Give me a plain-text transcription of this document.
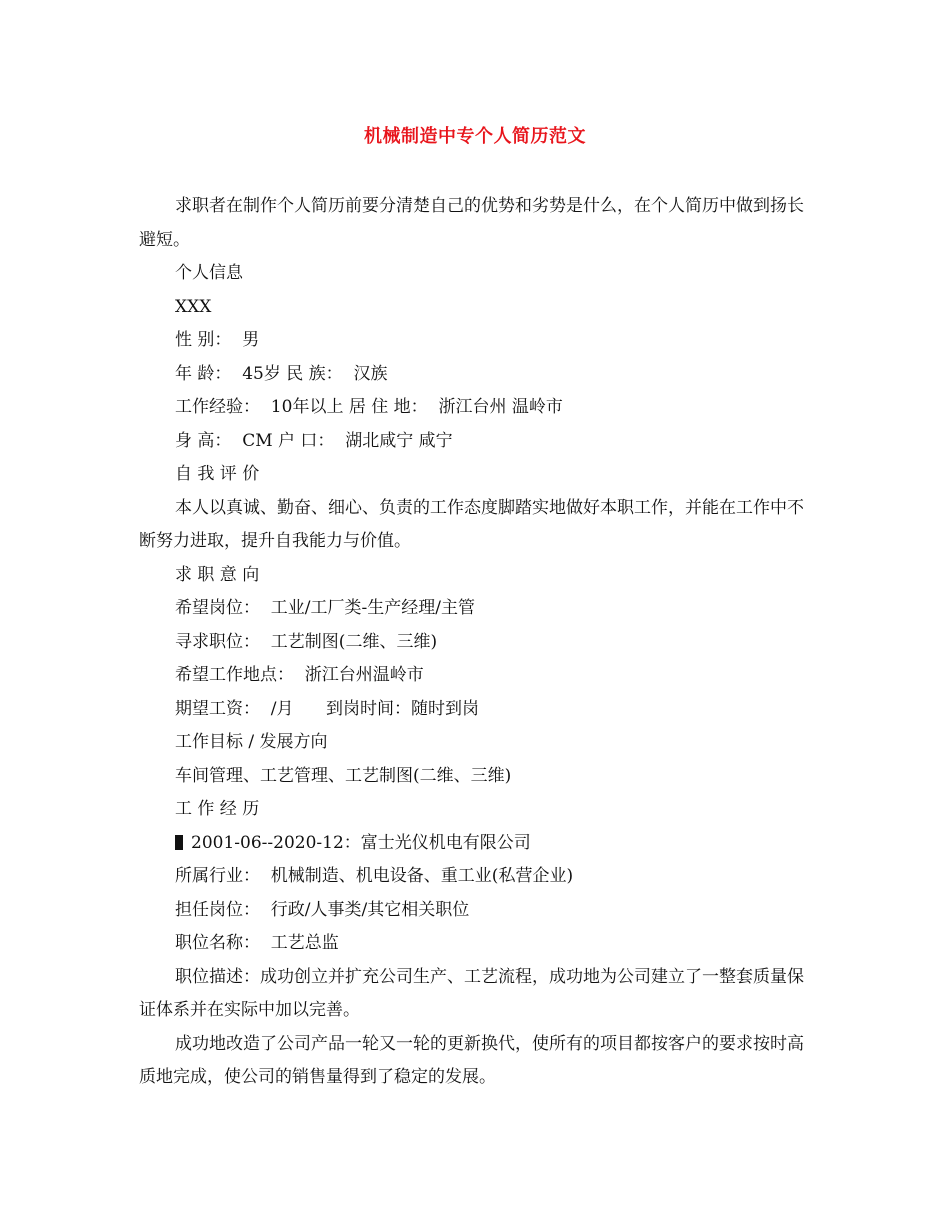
机械制造中专个人简历范文

求职者在制作个人简历前要分清楚自己的优势和劣势是什么，在个人简历中做到扬长避短。

个人信息

XXX

性 别：  男

年 龄：  45岁 民 族：  汉族

工作经验：  10年以上 居 住 地：  浙江台州 温岭市

身 高：  CM 户 口：  湖北咸宁 咸宁

自 我 评 价

本人以真诚、勤奋、细心、负责的工作态度脚踏实地做好本职工作，并能在工作中不断努力进取，提升自我能力与价值。

求 职 意 向

希望岗位：  工业/工厂类-生产经理/主管

寻求职位：  工艺制图(二维、三维)

希望工作地点：  浙江台州温岭市

期望工资：  /月      到岗时间：随时到岗

工作目标 / 发展方向

车间管理、工艺管理、工艺制图(二维、三维)

工 作 经 历

2001-06--2020-12：富士光仪机电有限公司

所属行业：  机械制造、机电设备、重工业(私营企业)

担任岗位：  行政/人事类/其它相关职位

职位名称：  工艺总监

职位描述：成功创立并扩充公司生产、工艺流程，成功地为公司建立了一整套质量保证体系并在实际中加以完善。

成功地改造了公司产品一轮又一轮的更新换代，使所有的项目都按客户的要求按时高质地完成，使公司的销售量得到了稳定的发展。
